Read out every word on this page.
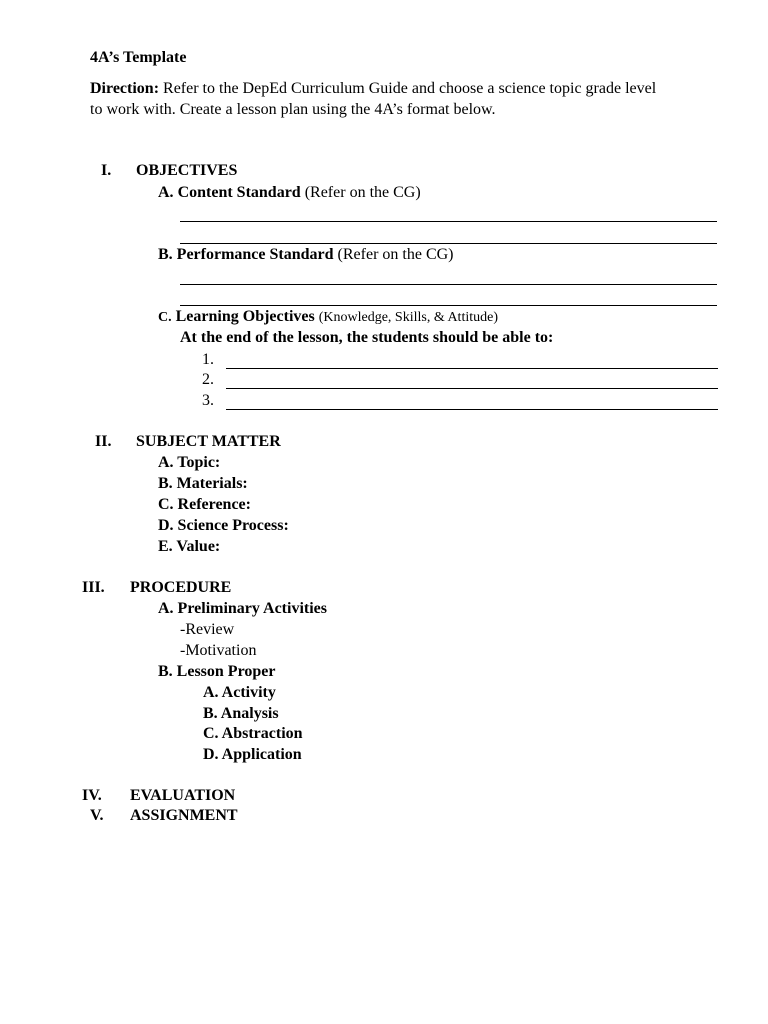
4A’s Template
Direction: Refer to the DepEd Curriculum Guide and choose a science topic grade level
to work with. Create a lesson plan using the 4A’s format below.
I. OBJECTIVES
A. Content Standard (Refer on the CG)
B. Performance Standard (Refer on the CG)
C. Learning Objectives (Knowledge, Skills, & Attitude)
At the end of the lesson, the students should be able to:
1.
2.
3.
II. SUBJECT MATTER
A. Topic:
B. Materials:
C. Reference:
D. Science Process:
E. Value:
III. PROCEDURE
A. Preliminary Activities
-Review
-Motivation
B. Lesson Proper
A. Activity
B. Analysis
C. Abstraction
D. Application
IV. EVALUATION
V. ASSIGNMENT
